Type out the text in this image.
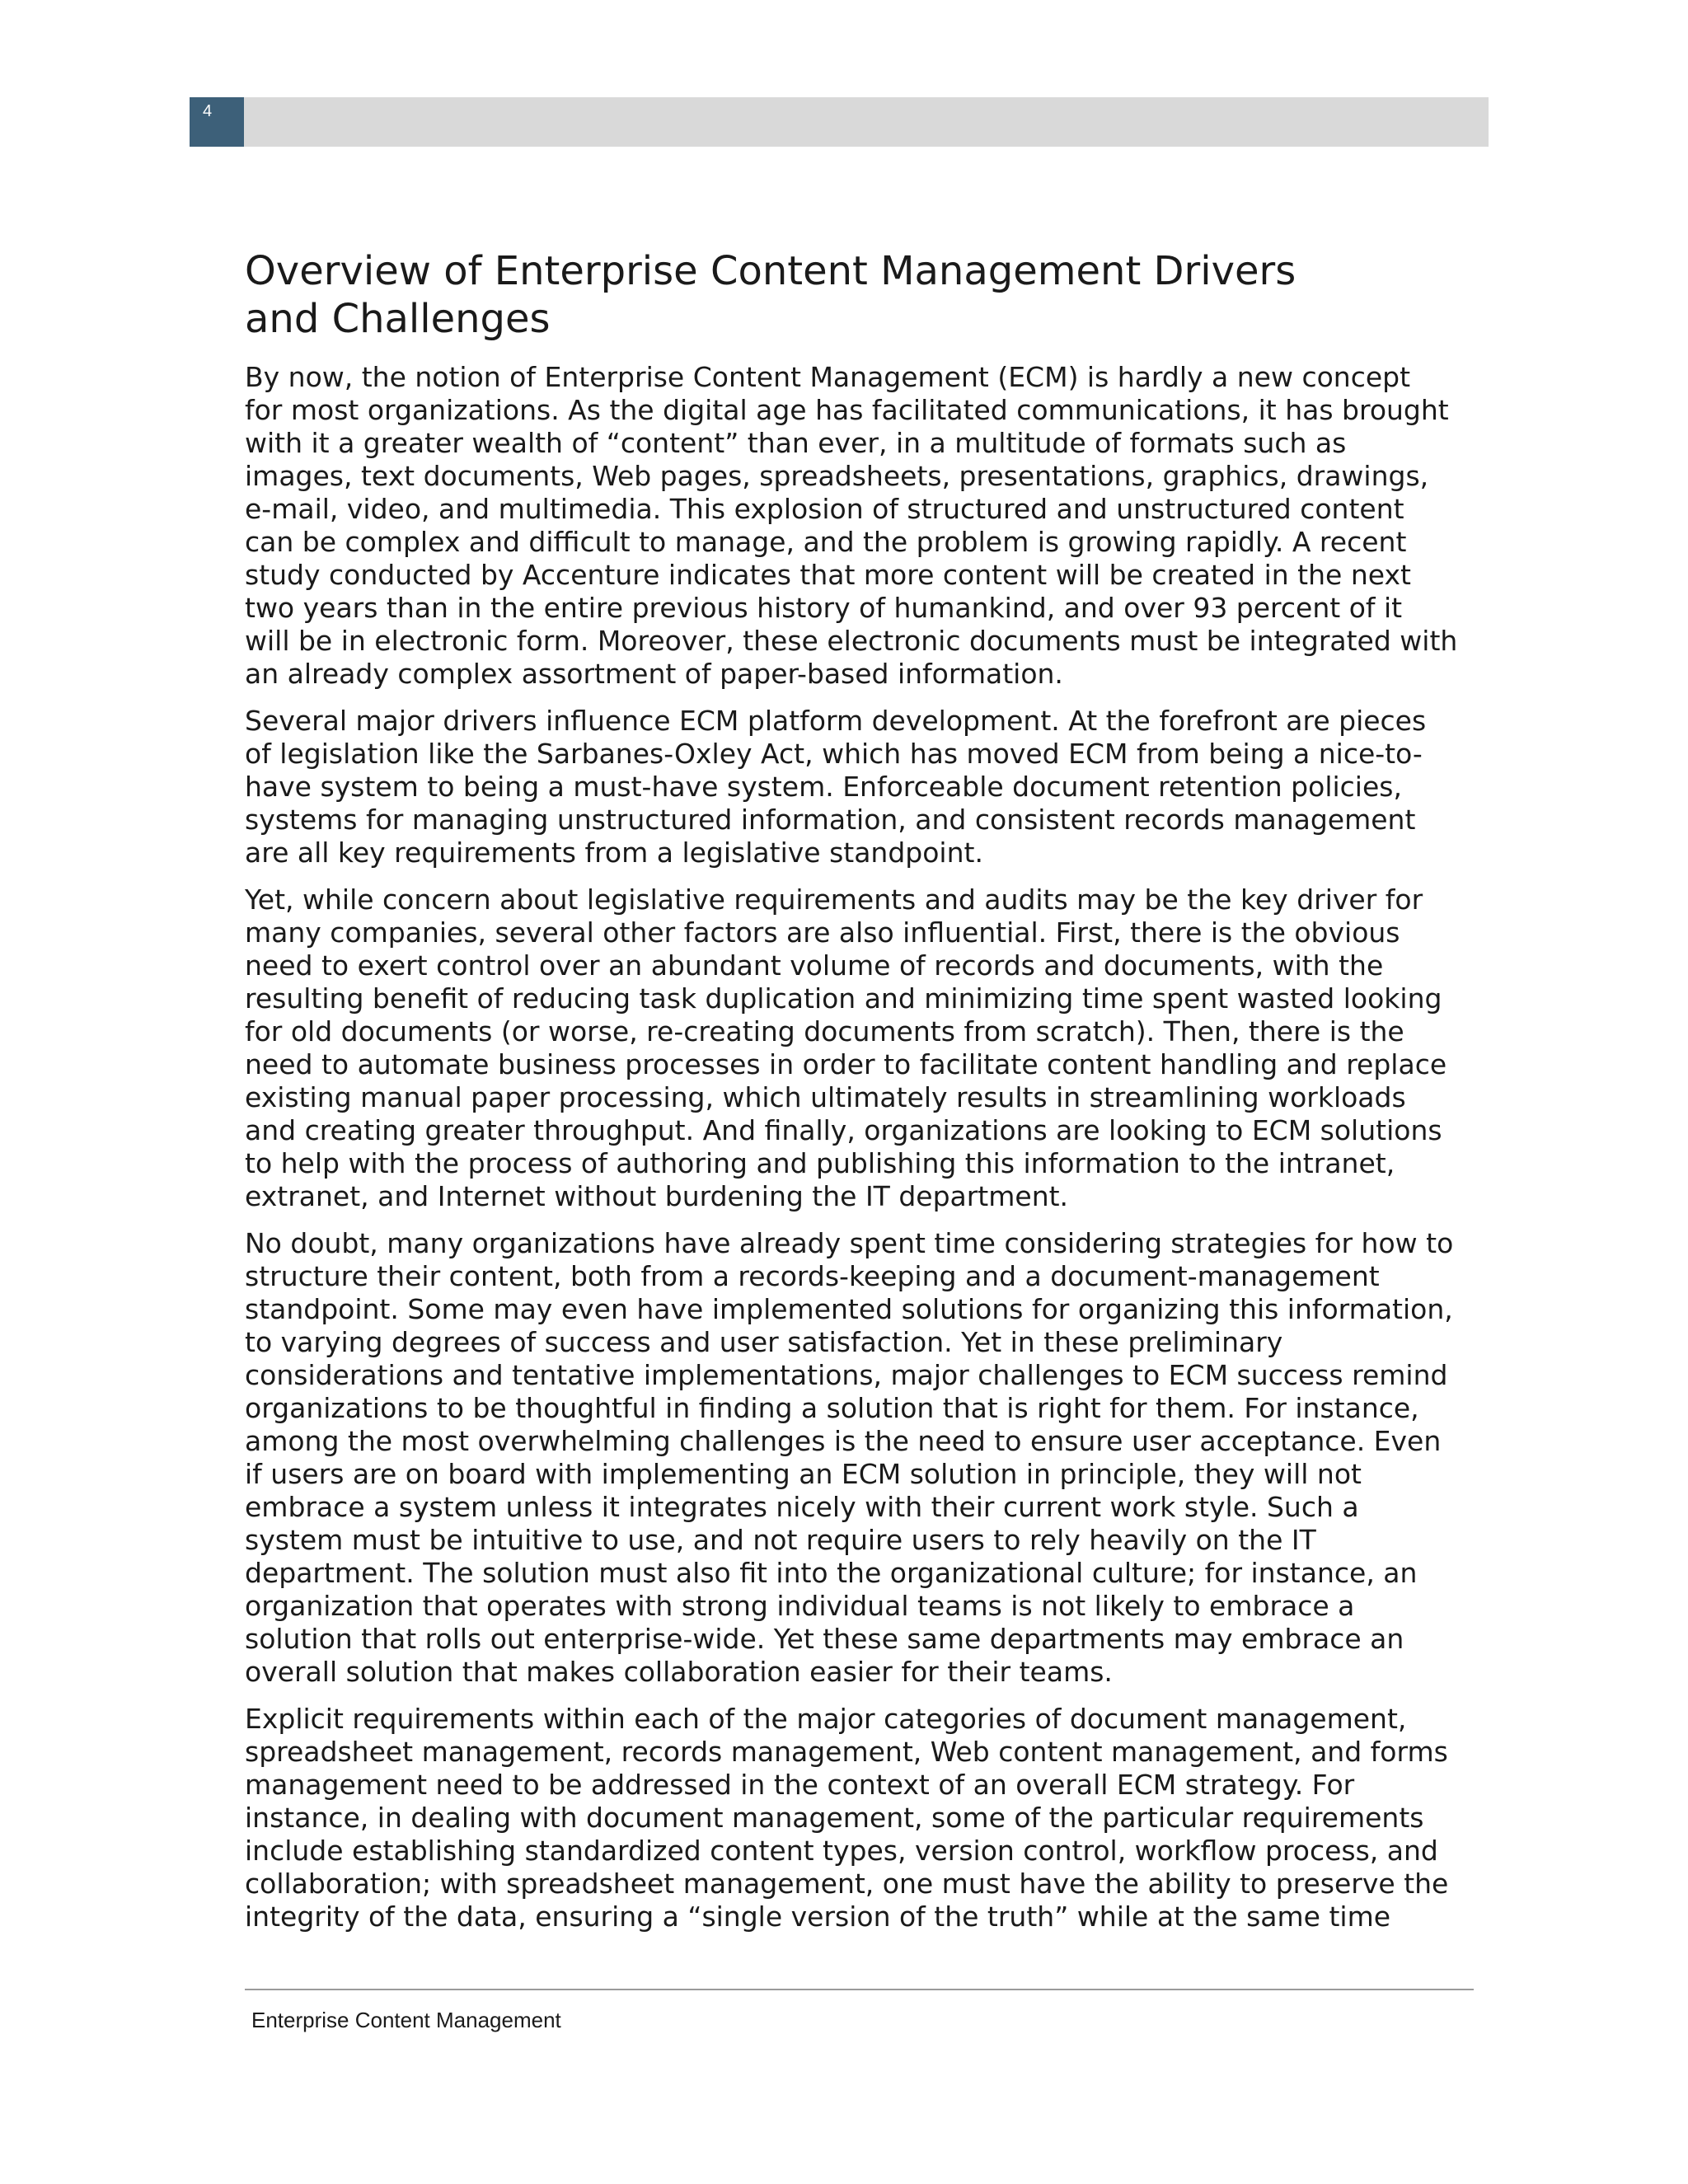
4
Overview of Enterprise Content Management Drivers
and Challenges

By now, the notion of Enterprise Content Management (ECM) is hardly a new concept
for most organizations. As the digital age has facilitated communications, it has brought
with it a greater wealth of “content” than ever, in a multitude of formats such as
images, text documents, Web pages, spreadsheets, presentations, graphics, drawings,
e-mail, video, and multimedia. This explosion of structured and unstructured content
can be complex and difficult to manage, and the problem is growing rapidly. A recent
study conducted by Accenture indicates that more content will be created in the next
two years than in the entire previous history of humankind, and over 93 percent of it
will be in electronic form. Moreover, these electronic documents must be integrated with
an already complex assortment of paper-based information.

Several major drivers influence ECM platform development. At the forefront are pieces
of legislation like the Sarbanes-Oxley Act, which has moved ECM from being a nice-to-
have system to being a must-have system. Enforceable document retention policies,
systems for managing unstructured information, and consistent records management
are all key requirements from a legislative standpoint.

Yet, while concern about legislative requirements and audits may be the key driver for
many companies, several other factors are also influential. First, there is the obvious
need to exert control over an abundant volume of records and documents, with the
resulting benefit of reducing task duplication and minimizing time spent wasted looking
for old documents (or worse, re-creating documents from scratch). Then, there is the
need to automate business processes in order to facilitate content handling and replace
existing manual paper processing, which ultimately results in streamlining workloads
and creating greater throughput. And finally, organizations are looking to ECM solutions
to help with the process of authoring and publishing this information to the intranet,
extranet, and Internet without burdening the IT department.

No doubt, many organizations have already spent time considering strategies for how to
structure their content, both from a records-keeping and a document-management
standpoint. Some may even have implemented solutions for organizing this information,
to varying degrees of success and user satisfaction. Yet in these preliminary
considerations and tentative implementations, major challenges to ECM success remind
organizations to be thoughtful in finding a solution that is right for them. For instance,
among the most overwhelming challenges is the need to ensure user acceptance. Even
if users are on board with implementing an ECM solution in principle, they will not
embrace a system unless it integrates nicely with their current work style. Such a
system must be intuitive to use, and not require users to rely heavily on the IT
department. The solution must also fit into the organizational culture; for instance, an
organization that operates with strong individual teams is not likely to embrace a
solution that rolls out enterprise-wide. Yet these same departments may embrace an
overall solution that makes collaboration easier for their teams.

Explicit requirements within each of the major categories of document management,
spreadsheet management, records management, Web content management, and forms
management need to be addressed in the context of an overall ECM strategy. For
instance, in dealing with document management, some of the particular requirements
include establishing standardized content types, version control, workflow process, and
collaboration; with spreadsheet management, one must have the ability to preserve the
integrity of the data, ensuring a “single version of the truth” while at the same time

Enterprise Content Management
